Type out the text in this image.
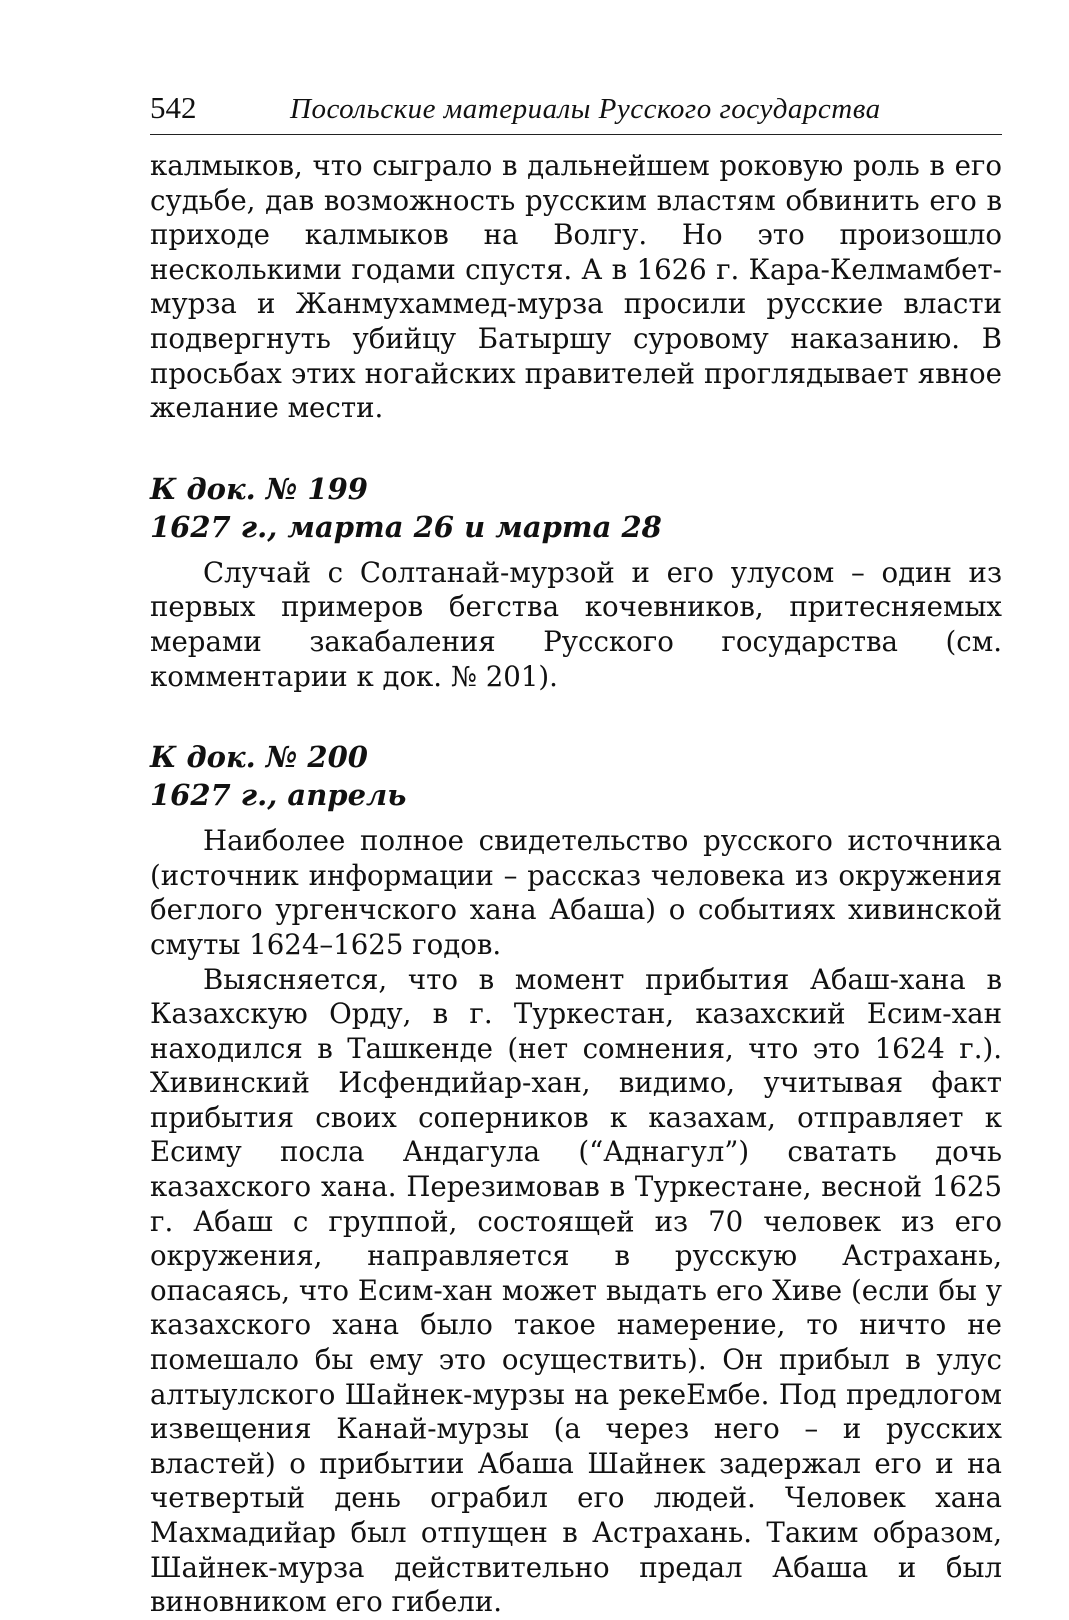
542	Посольские материалы Русского государства

калмыков, что сыграло в дальнейшем роковую роль в его судьбе, дав возможность русским властям обвинить его в приходе калмыков на Волгу. Но это произошло несколькими годами спустя. А в 1626 г. Кара-Келмамбет-мурза и Жанмухаммед-мурза просили русские власти подвергнуть убийцу Батыршу суровому наказанию. В просьбах этих ногайских правителей проглядывает явное желание мести.

К док. № 199
1627 г., марта 26 и марта 28

Случай с Солтанай-мурзой и его улусом – один из первых примеров бегства кочевников, притесняемых мерами закабаления Русского государства (см. комментарии к док. № 201).

К док. № 200
1627 г., апрель

Наиболее полное свидетельство русского источника (источник информации – рассказ человека из окружения беглого ургенчского хана Абаша) о событиях хивинской смуты 1624–1625 годов.

Выясняется, что в момент прибытия Абаш-хана в Казахскую Орду, в г. Туркестан, казахский Есим-хан находился в Ташкенде (нет сомнения, что это 1624 г.). Хивинский Исфендийар-хан, видимо, учитывая факт прибытия своих соперников к казахам, отправляет к Есиму посла Андагула (“Аднагул”) сватать дочь казахского хана. Перезимовав в Туркестане, весной 1625 г. Абаш с группой, состоящей из 70 человек из его окружения, направляется в русскую Астрахань, опасаясь, что Есим-хан может выдать его Хиве (если бы у казахского хана было такое намерение, то ничто не помешало бы ему это осуществить). Он прибыл в улус алтыулского Шайнек-мурзы на рекеЕмбе. Под предлогом извещения Канай-мурзы (а через него – и русских властей) о прибытии Абаша Шайнек задержал его и на четвертый день ограбил его людей. Человек хана Махмадийар был отпущен в Астрахань. Таким образом, Шайнек-мурза действительно предал Абаша и был виновником его гибели.
